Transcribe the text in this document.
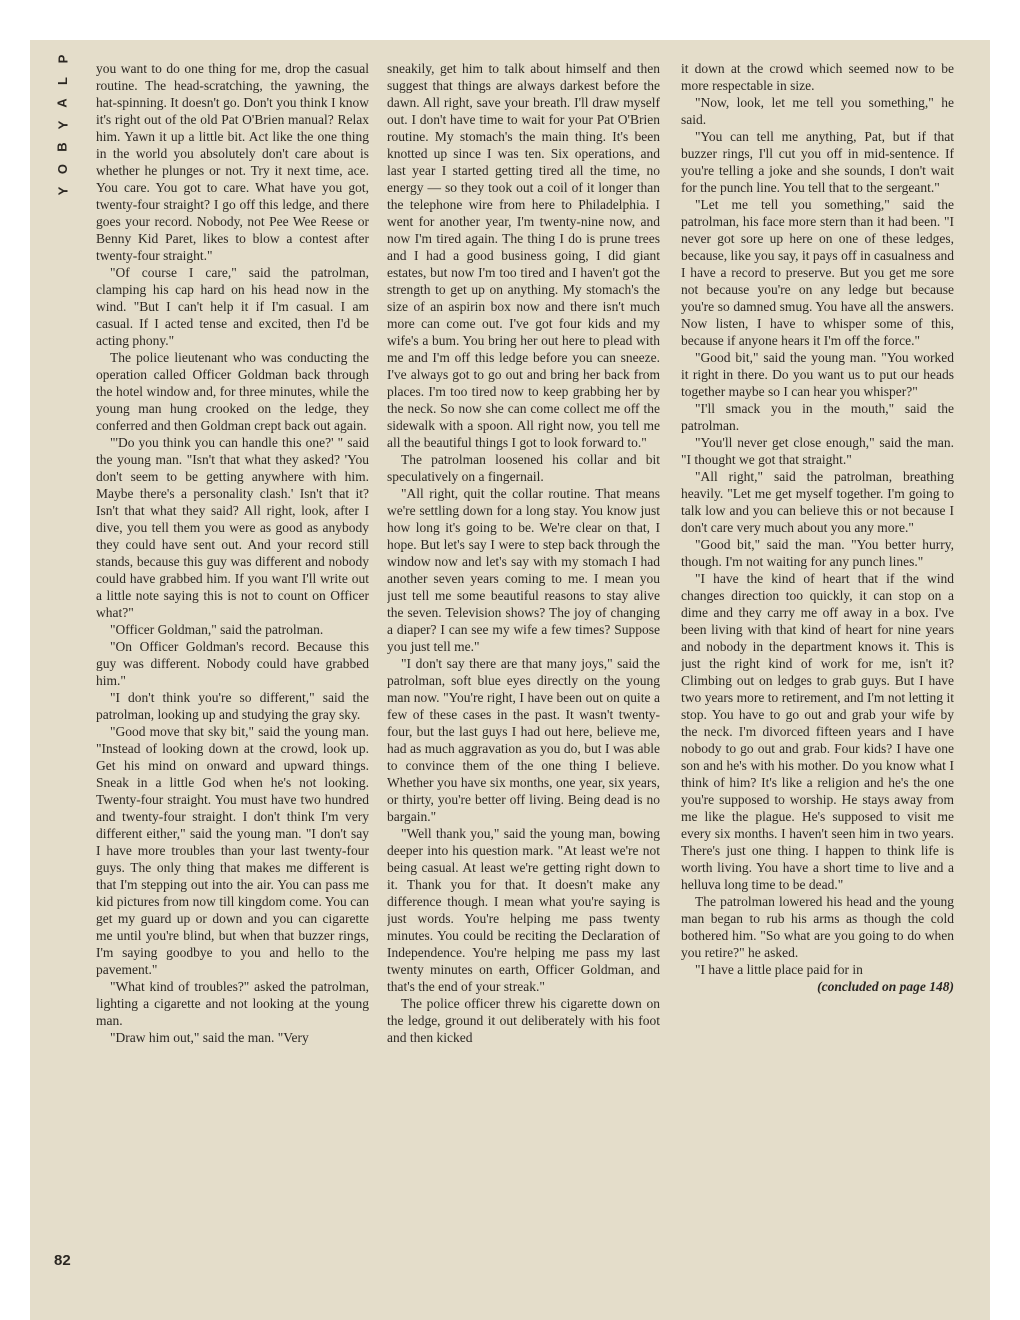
P
L
A
Y
B
O
Y

you want to do one thing for me, drop the casual routine. The head-scratching, the yawning, the hat-spinning. It doesn't go. Don't you think I know it's right out of the old Pat O'Brien manual? Relax him. Yawn it up a little bit. Act like the one thing in the world you absolutely don't care about is whether he plunges or not. Try it next time, ace. You care. You got to care. What have you got, twenty-four straight? I go off this ledge, and there goes your record. Nobody, not Pee Wee Reese or Benny Kid Paret, likes to blow a contest after twenty-four straight."

"Of course I care," said the patrolman, clamping his cap hard on his head now in the wind. "But I can't help it if I'm casual. I am casual. If I acted tense and excited, then I'd be acting phony."

The police lieutenant who was conducting the operation called Officer Goldman back through the hotel window and, for three minutes, while the young man hung crooked on the ledge, they conferred and then Goldman crept back out again.

"'Do you think you can handle this one?' " said the young man. "Isn't that what they asked? 'You don't seem to be getting anywhere with him. Maybe there's a personality clash.' Isn't that it? Isn't that what they said? All right, look, after I dive, you tell them you were as good as anybody they could have sent out. And your record still stands, because this guy was different and nobody could have grabbed him. If you want I'll write out a little note saying this is not to count on Officer what?"

"Officer Goldman," said the patrolman.

"On Officer Goldman's record. Because this guy was different. Nobody could have grabbed him."

"I don't think you're so different," said the patrolman, looking up and studying the gray sky.

"Good move that sky bit," said the young man. "Instead of looking down at the crowd, look up. Get his mind on onward and upward things. Sneak in a little God when he's not looking. Twenty-four straight. You must have two hundred and twenty-four straight. I don't think I'm very different either," said the young man. "I don't say I have more troubles than your last twenty-four guys. The only thing that makes me different is that I'm stepping out into the air. You can pass me kid pictures from now till kingdom come. You can get my guard up or down and you can cigarette me until you're blind, but when that buzzer rings, I'm saying goodbye to you and hello to the pavement."

"What kind of troubles?" asked the patrolman, lighting a cigarette and not looking at the young man.

"Draw him out," said the man. "Very

sneakily, get him to talk about himself and then suggest that things are always darkest before the dawn. All right, save your breath. I'll draw myself out. I don't have time to wait for your Pat O'Brien routine. My stomach's the main thing. It's been knotted up since I was ten. Six operations, and last year I started getting tired all the time, no energy — so they took out a coil of it longer than the telephone wire from here to Philadelphia. I went for another year, I'm twenty-nine now, and now I'm tired again. The thing I do is prune trees and I had a good business going, I did giant estates, but now I'm too tired and I haven't got the strength to get up on anything. My stomach's the size of an aspirin box now and there isn't much more can come out. I've got four kids and my wife's a bum. You bring her out here to plead with me and I'm off this ledge before you can sneeze. I've always got to go out and bring her back from places. I'm too tired now to keep grabbing her by the neck. So now she can come collect me off the sidewalk with a spoon. All right now, you tell me all the beautiful things I got to look forward to."

The patrolman loosened his collar and bit speculatively on a fingernail.

"All right, quit the collar routine. That means we're settling down for a long stay. You know just how long it's going to be. We're clear on that, I hope. But let's say I were to step back through the window now and let's say with my stomach I had another seven years coming to me. I mean you just tell me some beautiful reasons to stay alive the seven. Television shows? The joy of changing a diaper? I can see my wife a few times? Suppose you just tell me."

"I don't say there are that many joys," said the patrolman, soft blue eyes directly on the young man now. "You're right, I have been out on quite a few of these cases in the past. It wasn't twenty-four, but the last guys I had out here, believe me, had as much aggravation as you do, but I was able to convince them of the one thing I believe. Whether you have six months, one year, six years, or thirty, you're better off living. Being dead is no bargain."

"Well thank you," said the young man, bowing deeper into his question mark. "At least we're not being casual. At least we're getting right down to it. Thank you for that. It doesn't make any difference though. I mean what you're saying is just words. You're helping me pass twenty minutes. You could be reciting the Declaration of Independence. You're helping me pass my last twenty minutes on earth, Officer Goldman, and that's the end of your streak."

The police officer threw his cigarette down on the ledge, ground it out deliberately with his foot and then kicked

it down at the crowd which seemed now to be more respectable in size.

"Now, look, let me tell you something," he said.

"You can tell me anything, Pat, but if that buzzer rings, I'll cut you off in mid-sentence. If you're telling a joke and she sounds, I don't wait for the punch line. You tell that to the sergeant."

"Let me tell you something," said the patrolman, his face more stern than it had been. "I never got sore up here on one of these ledges, because, like you say, it pays off in casualness and I have a record to preserve. But you get me sore not because you're on any ledge but because you're so damned smug. You have all the answers. Now listen, I have to whisper some of this, because if anyone hears it I'm off the force."

"Good bit," said the young man. "You worked it right in there. Do you want us to put our heads together maybe so I can hear you whisper?"

"I'll smack you in the mouth," said the patrolman.

"You'll never get close enough," said the man. "I thought we got that straight."

"All right," said the patrolman, breathing heavily. "Let me get myself together. I'm going to talk low and you can believe this or not because I don't care very much about you any more."

"Good bit," said the man. "You better hurry, though. I'm not waiting for any punch lines."

"I have the kind of heart that if the wind changes direction too quickly, it can stop on a dime and they carry me off away in a box. I've been living with that kind of heart for nine years and nobody in the department knows it. This is just the right kind of work for me, isn't it? Climbing out on ledges to grab guys. But I have two years more to retirement, and I'm not letting it stop. You have to go out and grab your wife by the neck. I'm divorced fifteen years and I have nobody to go out and grab. Four kids? I have one son and he's with his mother. Do you know what I think of him? It's like a religion and he's the one you're supposed to worship. He stays away from me like the plague. He's supposed to visit me every six months. I haven't seen him in two years. There's just one thing. I happen to think life is worth living. You have a short time to live and a helluva long time to be dead."

The patrolman lowered his head and the young man began to rub his arms as though the cold bothered him. "So what are you going to do when you retire?" he asked.

"I have a little place paid for in

(concluded on page 148)

82
